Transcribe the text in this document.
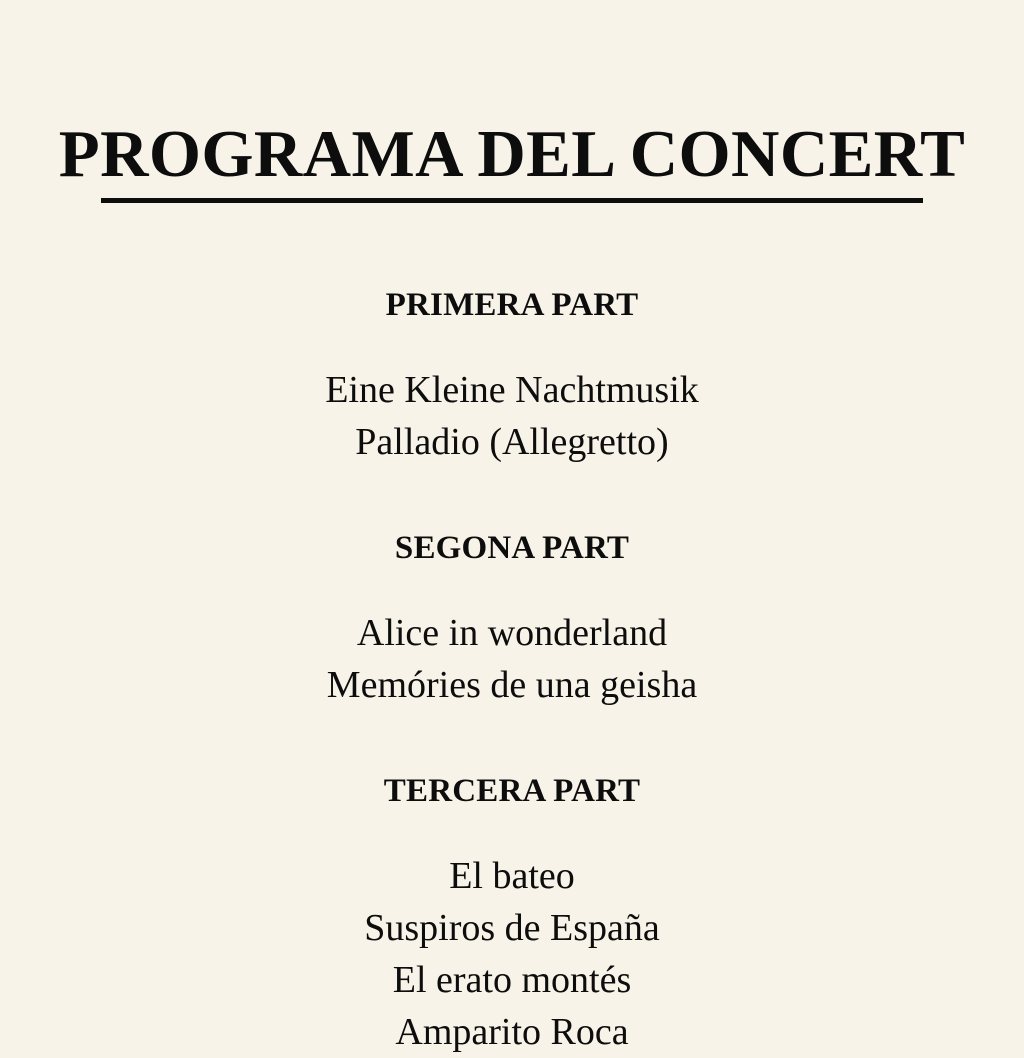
PROGRAMA DEL CONCERT
PRIMERA PART
Eine Kleine Nachtmusik
Palladio (Allegretto)
SEGONA PART
Alice in wonderland
Memóries de una geisha
TERCERA PART
El bateo
Suspiros de España
El erato montés
Amparito Roca
